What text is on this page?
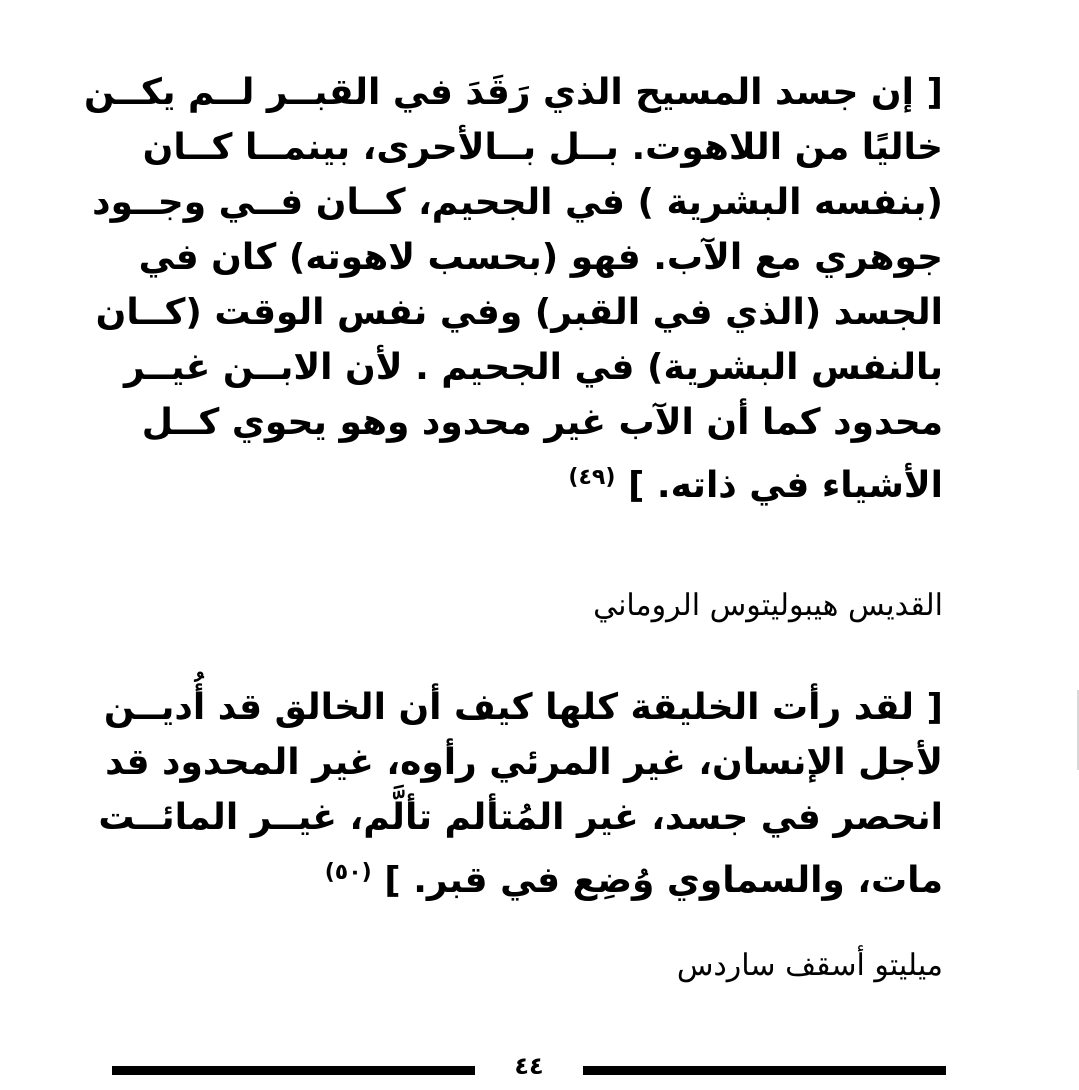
[ إن جسد المسيح الذي رَقَدَ في القبــر لــم يكــن
خاليًا من اللاهوت. بــل بــالأحرى، بينمــا كــان
(بنفسه البشرية ) في الجحيم، كــان فــي وجــود
جوهري مع الآب. فهو (بحسب لاهوته) كان في
الجسد (الذي في القبر) وفي نفس الوقت (كــان
بالنفس البشرية) في الجحيم . لأن الابــن غيــر
محدود كما أن الآب غير محدود وهو يحوي كــل
الأشياء في ذاته. ] $^{(٤٩)}$
القديس هيبوليتوس الروماني
[ لقد رأت الخليقة كلها كيف أن الخالق قد أُديــن
لأجل الإنسان، غير المرئي رأوه، غير المحدود قد
انحصر في جسد، غير المُتألم تألَّم، غيــر المائــت
مات، والسماوي وُضِع في قبر. ] $^{(٥٠)}$
ميليتو أسقف ساردس
٤٤
